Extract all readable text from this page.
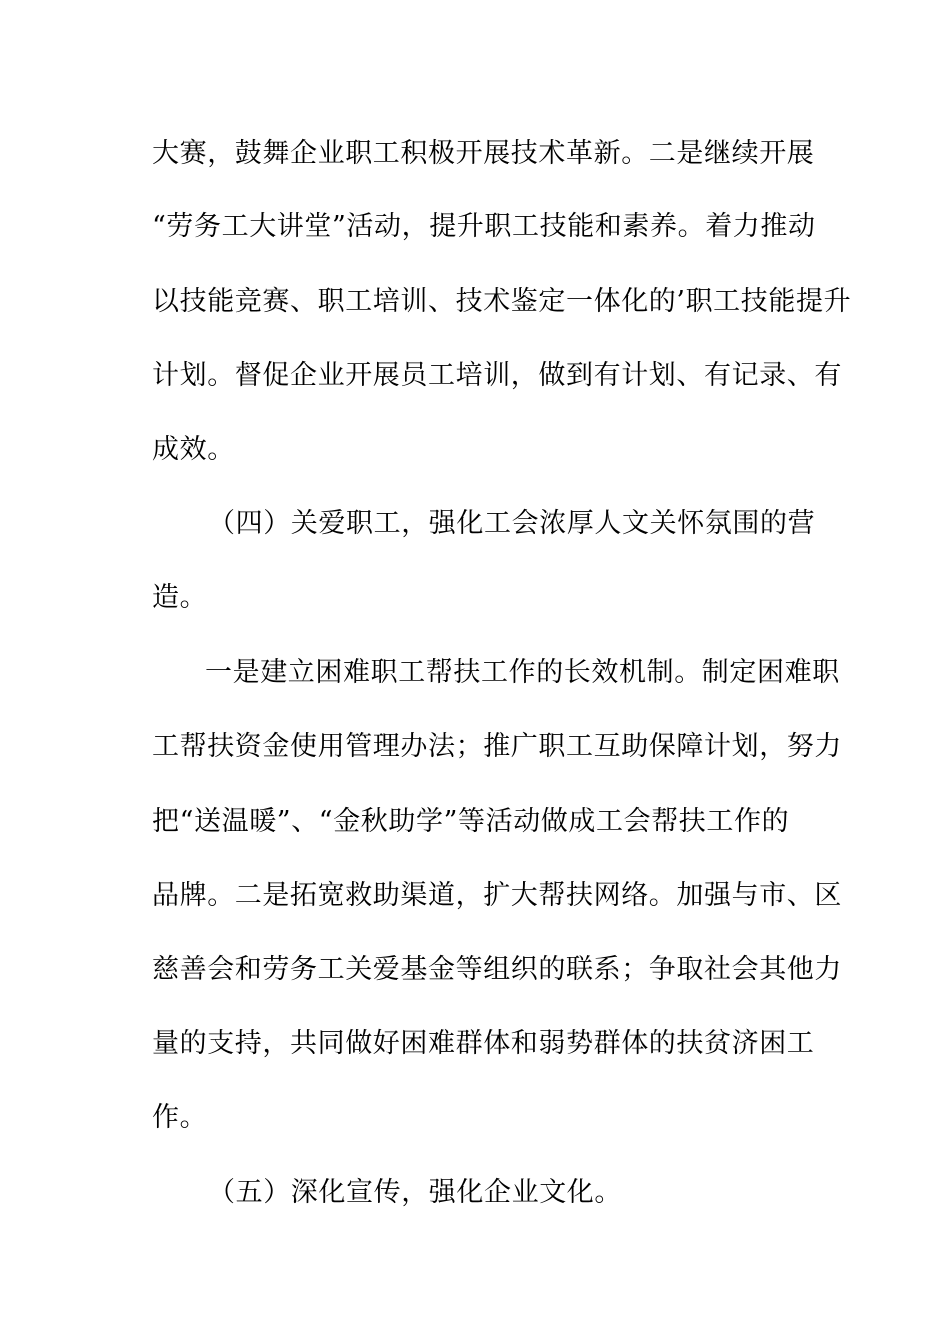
大赛，鼓舞企业职工积极开展技术革新。二是继续开展
“劳务工大讲堂”活动，提升职工技能和素养。着力推动
以技能竞赛、职工培训、技术鉴定一体化的’职工技能提升
计划。督促企业开展员工培训，做到有计划、有记录、有
成效。
（四）关爱职工，强化工会浓厚人文关怀氛围的营
造。
一是建立困难职工帮扶工作的长效机制。制定困难职
工帮扶资金使用管理办法；推广职工互助保障计划，努力
把“送温暖”、“金秋助学”等活动做成工会帮扶工作的
品牌。二是拓宽救助渠道，扩大帮扶网络。加强与市、区
慈善会和劳务工关爱基金等组织的联系；争取社会其他力
量的支持，共同做好困难群体和弱势群体的扶贫济困工
作。
（五）深化宣传，强化企业文化。
